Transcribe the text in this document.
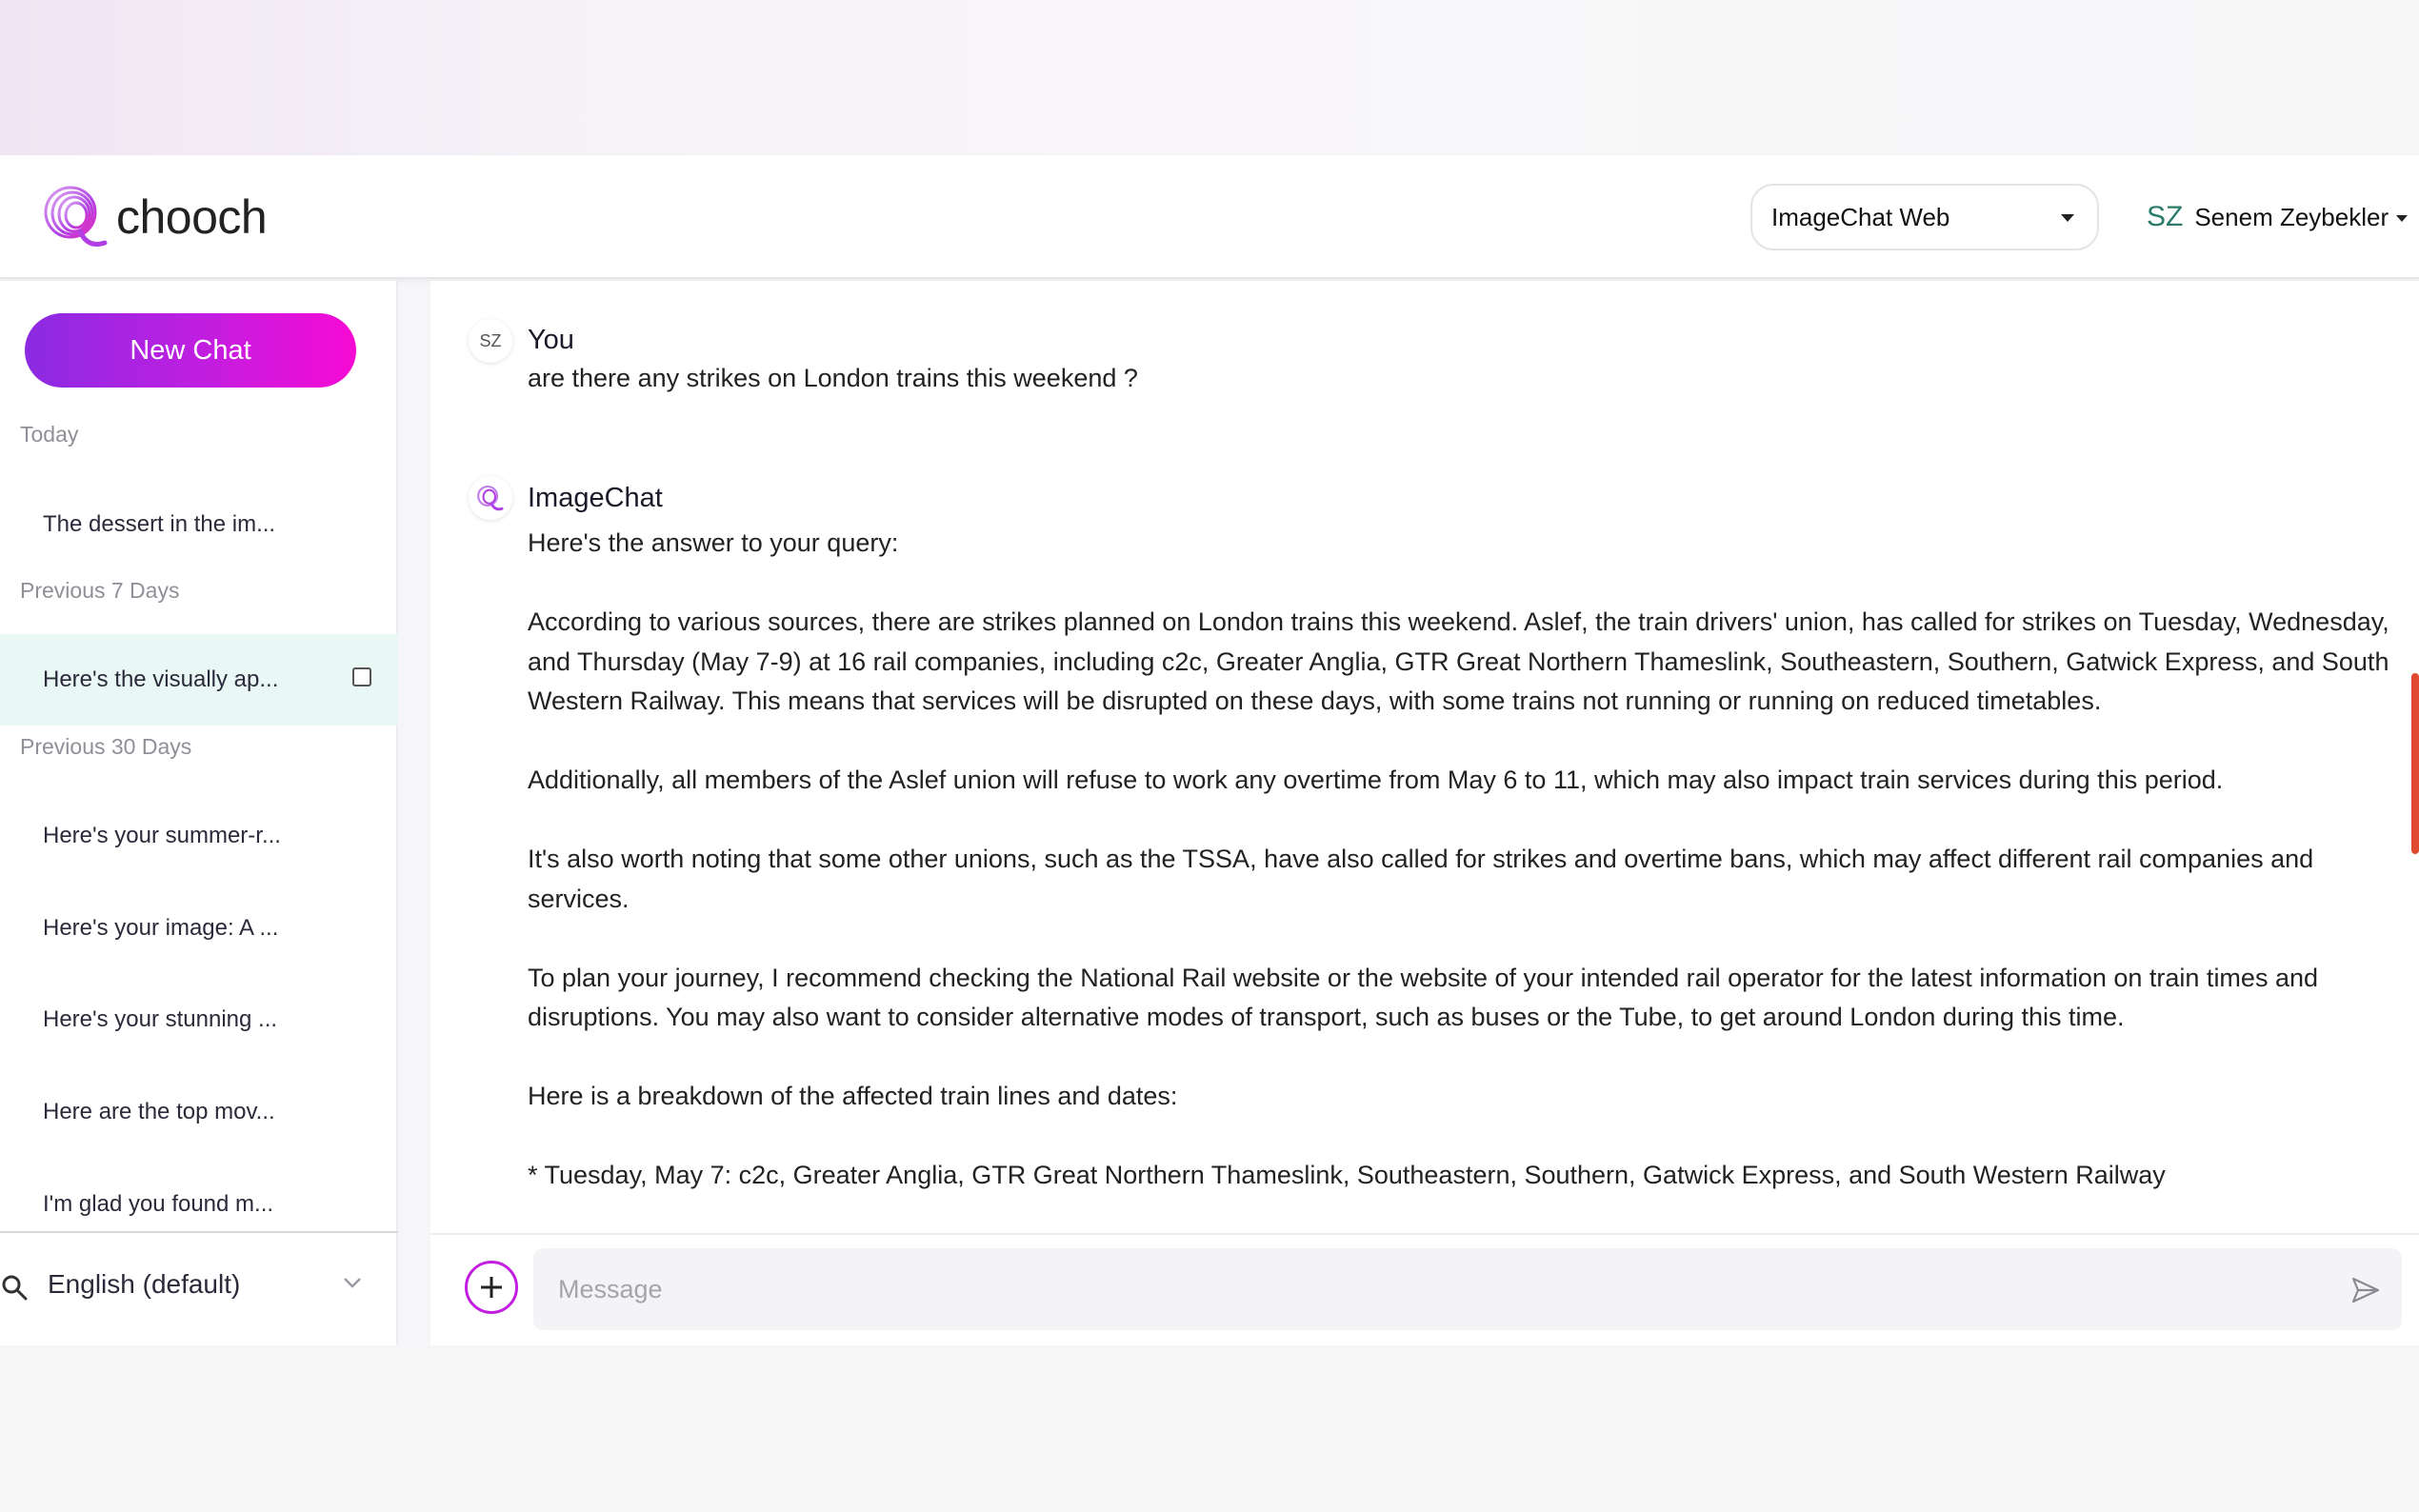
chooch	ImageChat Web	SZ Senem Zeybekler
New Chat
Today
The dessert in the im...
Previous 7 Days
Here's the visually ap...
Previous 30 Days
Here's your summer-r...
Here's your image: A ...
Here's your stunning ...
Here are the top mov...
I'm glad you found m...
English (default)
SZ You
are there any strikes on London trains this weekend ?
ImageChat

Here's the answer to your query:

According to various sources, there are strikes planned on London trains this weekend. Aslef, the train drivers' union, has called for strikes on Tuesday, Wednesday, and Thursday (May 7-9) at 16 rail companies, including c2c, Greater Anglia, GTR Great Northern Thameslink, Southeastern, Southern, Gatwick Express, and South Western Railway. This means that services will be disrupted on these days, with some trains not running or running on reduced timetables.

Additionally, all members of the Aslef union will refuse to work any overtime from May 6 to 11, which may also impact train services during this period.

It's also worth noting that some other unions, such as the TSSA, have also called for strikes and overtime bans, which may affect different rail companies and services.

To plan your journey, I recommend checking the National Rail website or the website of your intended rail operator for the latest information on train times and disruptions. You may also want to consider alternative modes of transport, such as buses or the Tube, to get around London during this time.

Here is a breakdown of the affected train lines and dates:

* Tuesday, May 7: c2c, Greater Anglia, GTR Great Northern Thameslink, Southeastern, Southern, Gatwick Express, and South Western Railway

Message
